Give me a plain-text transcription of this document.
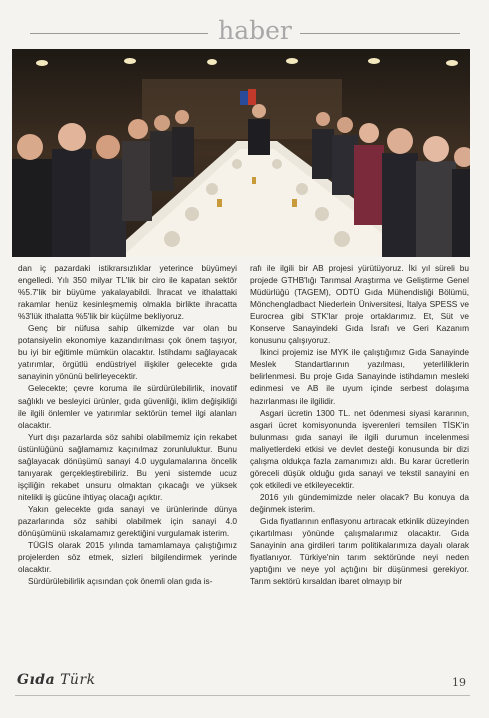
haber

dan iç pazardaki istikrarsızlıklar yeterince büyümeyi engelledi. Yılı 350 milyar TL'lik bir ciro ile kapatan sektör %5.7'lik bir büyüme yakalayabildi. İhracat ve ithalattaki rakamlar henüz kesinleşmemiş olmakla birlikte ihracatta %3'lük ithalatta %5'lik bir küçülme bekliyoruz.

Genç bir nüfusa sahip ülkemizde var olan bu potansiyelin ekonomiye kazandırılması çok önem taşıyor, bu iyi bir eğitimle mümkün olacaktır. İstihdamı sağlayacak yatırımlar, örgütlü endüstriyel ilişkiler gelecekte gıda sanayinin yönünü belirleyecektir.

Gelecekte; çevre koruma ile sürdürülebilirlik, inovatif sağlıklı ve besleyici ürünler, gıda güvenliği, iklim değişikliği ile ilgili önlemler ve yatırımlar sektörün temel ilgi alanları olacaktır.

Yurt dışı pazarlarda söz sahibi olabilmemiz için rekabet üstünlüğünü sağlamamız kaçınılmaz zorunluluktur. Bunu sağlayacak dönüşümü sanayi 4.0 uygulamalarına öncelik tanıyarak gerçekleştirebiliriz. Bu yeni sistemde ucuz işçiliğin rekabet unsuru olmaktan çıkacağı ve yüksek nitelikli iş gücüne ihtiyaç olacağı açıktır.

Yakın gelecekte gıda sanayi ve ürünlerinde dünya pazarlarında söz sahibi olabilmek için sanayi 4.0 dönüşümünü ıskalamamız gerektiğini vurgulamak isterim.

TÜGİS olarak 2015 yılında tamamlamaya çalıştığımız projelerden söz etmek, sizleri bilgilendirmek yerinde olacaktır.

Sürdürülebilirlik açısından çok önemli olan gıda is-

rafı ile ilgili bir AB projesi yürütüyoruz. İki yıl süreli bu projede GTHB'lığı Tarımsal Araştırma ve Geliştirme Genel Müdürlüğü (TAGEM), ODTÜ Gıda Mühendisliği Bölümü, Mönchengladbact Niederlein Üniversitesi, İtalya SPESS ve Eurocrea gibi STK'lar proje ortaklarımız. Et, Süt ve Konserve Sanayindeki Gıda İsrafı ve Geri Kazanım konusunu çalışıyoruz.

İkinci projemiz ise MYK ile çalıştığımız Gıda Sanayinde Meslek Standartlarının yazılması, yeterliliklerin belirlenmesi. Bu proje Gıda Sanayinde istihdamın mesleki edinmesi ve AB ile uyum içinde serbest dolaşıma hazırlanması ile ilgilidir.

Asgari ücretin 1300 TL. net ödenmesi siyasi kararının, asgari ücret komisyonunda işverenleri temsilen TİSK'in bulunması gıda sanayi ile ilgili durumun incelenmesi maliyetlerdeki etkisi ve devlet desteği konusunda bir dizi çalışma oldukça fazla zamanımızı aldı. Bu karar ücretlerin göreceli düşük olduğu gıda sanayi ve tekstil sanayini en çok etkiledi ve etkileyecektir.

2016 yılı gündemimizde neler olacak? Bu konuya da değinmek isterim.

Gıda fiyatlarının enflasyonu artıracak etkinlik düzeyinden çıkartılması yönünde çalışmalarımız olacaktır. Gıda Sanayinin ana girdileri tarım politikalarımıza dayalı olarak fiyatlanıyor. Türkiye'nin tarım sektöründe neyi neden yaptığını ve neye yol açtığını bir düşünmesi gerekiyor. Tarım sektörü kırsaldan ibaret olmayıp bir

Gıda Türk	19
